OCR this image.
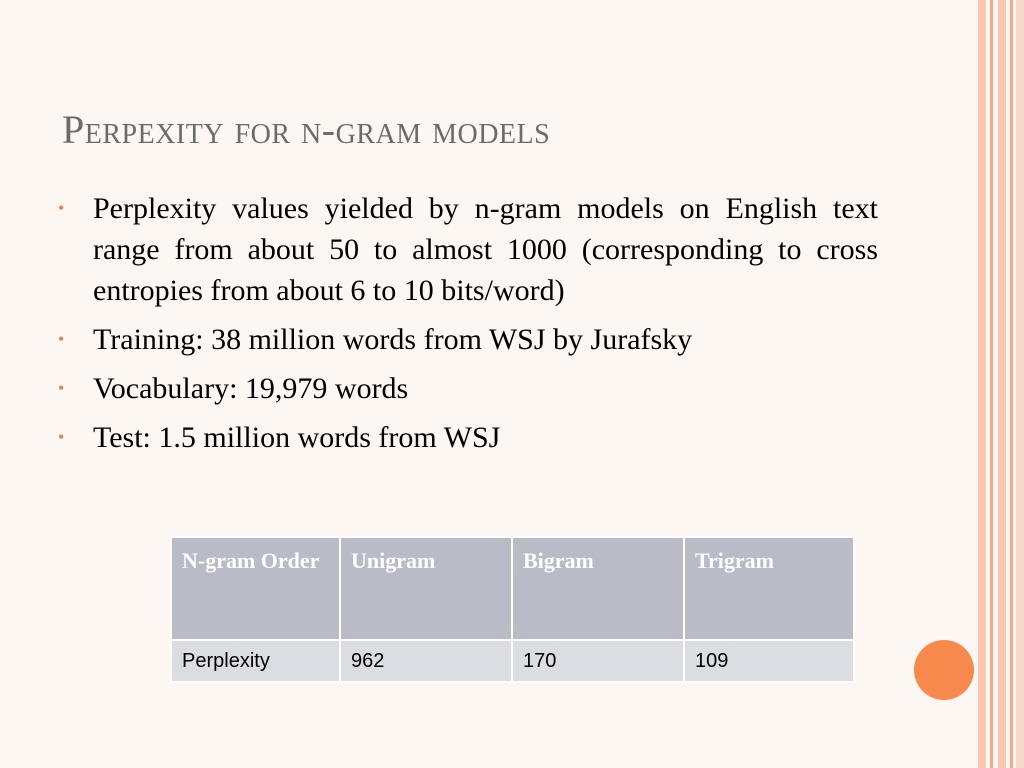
Perpexity for n-gram models
• Perplexity values yielded by n-gram models on English text range from about 50 to almost 1000 (corresponding to cross entropies from about 6 to 10 bits/word)
• Training: 38 million words from WSJ by Jurafsky
• Vocabulary: 19,979 words
• Test: 1.5 million words from WSJ
N-gram Order	Unigram	Bigram	Trigram
Perplexity	962	170	109
